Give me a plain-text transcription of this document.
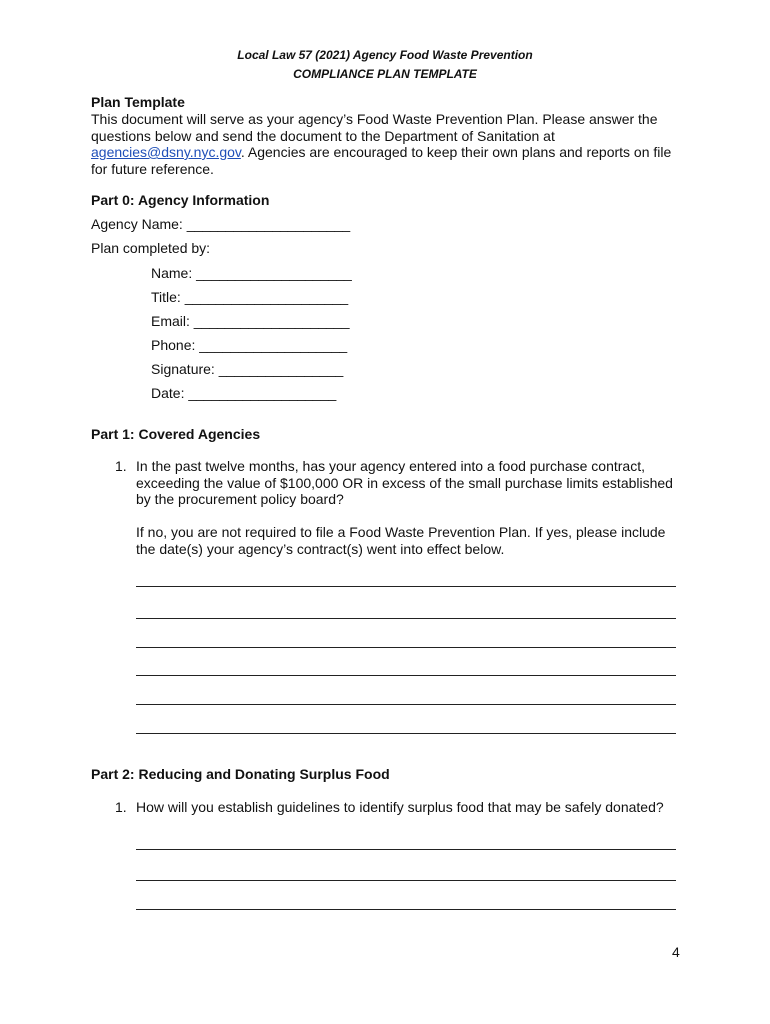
Local Law 57 (2021) Agency Food Waste Prevention
COMPLIANCE PLAN TEMPLATE
Plan Template
This document will serve as your agency’s Food Waste Prevention Plan. Please answer the questions below and send the document to the Department of Sanitation at agencies@dsny.nyc.gov. Agencies are encouraged to keep their own plans and reports on file for future reference.
Part 0: Agency Information
Agency Name: _____________________
Plan completed by:
Name: ____________________
Title: _____________________
Email: ____________________
Phone: ___________________
Signature: ________________
Date: ___________________
Part 1: Covered Agencies
1. In the past twelve months, has your agency entered into a food purchase contract, exceeding the value of $100,000 OR in excess of the small purchase limits established by the procurement policy board?
If no, you are not required to file a Food Waste Prevention Plan. If yes, please include the date(s) your agency’s contract(s) went into effect below.
Part 2: Reducing and Donating Surplus Food
1. How will you establish guidelines to identify surplus food that may be safely donated?
4
